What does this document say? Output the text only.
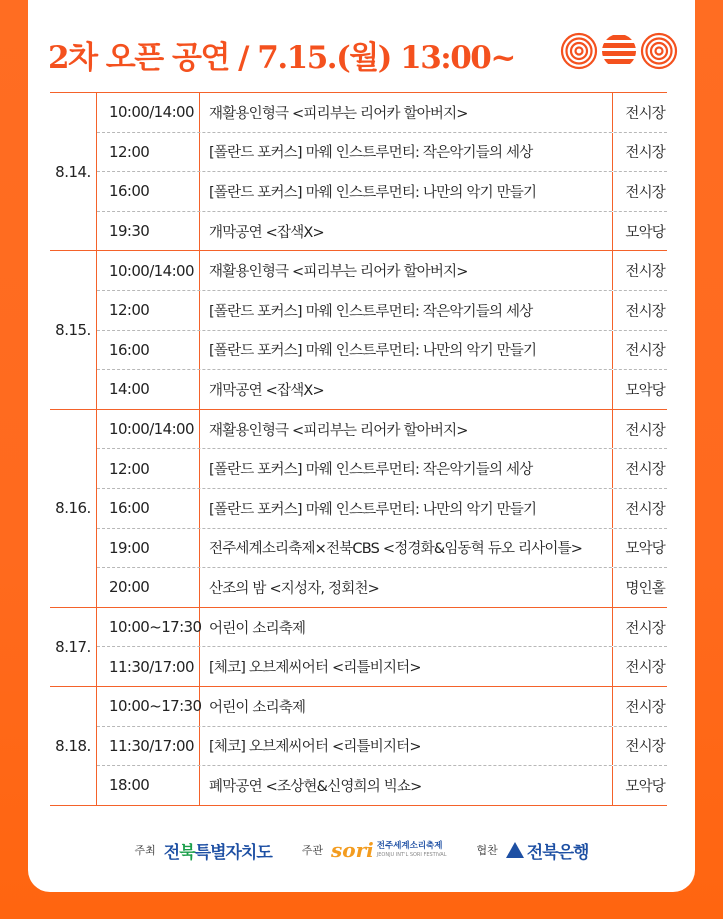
2차 오픈 공연 / 7.15.(월) 13:00~
8.14.
10:00/14:00	재활용인형극 <피리부는 리어카 할아버지>	전시장
12:00	[폴란드 포커스] 마웨 인스트루먼티: 작은악기들의 세상	전시장
16:00	[폴란드 포커스] 마웨 인스트루먼티: 나만의 악기 만들기	전시장
19:30	개막공연 <잡색X>	모악당
8.15.
10:00/14:00	재활용인형극 <피리부는 리어카 할아버지>	전시장
12:00	[폴란드 포커스] 마웨 인스트루먼티: 작은악기들의 세상	전시장
16:00	[폴란드 포커스] 마웨 인스트루먼티: 나만의 악기 만들기	전시장
14:00	개막공연 <잡색X>	모악당
8.16.
10:00/14:00	재활용인형극 <피리부는 리어카 할아버지>	전시장
12:00	[폴란드 포커스] 마웨 인스트루먼티: 작은악기들의 세상	전시장
16:00	[폴란드 포커스] 마웨 인스트루먼티: 나만의 악기 만들기	전시장
19:00	전주세계소리축제×전북CBS <정경화&임동혁 듀오 리사이틀>	모악당
20:00	산조의 밤 <지성자, 정회천>	명인홀
8.17.
10:00~17:30 어린이 소리축제	전시장
11:30/17:00	[체코] 오브제씨어터 <리틀비지터>	전시장
8.18.
10:00~17:30 어린이 소리축제	전시장
11:30/17:00	[체코] 오브제씨어터 <리틀비지터>	전시장
18:00	폐막공연 <조상현&신영희의 빅쇼>	모악당
주최 전북특별자치도	주관 sori 전주세계소리축제
JEONJU INT'L SORI FESTIVAL	협찬 전북은행
